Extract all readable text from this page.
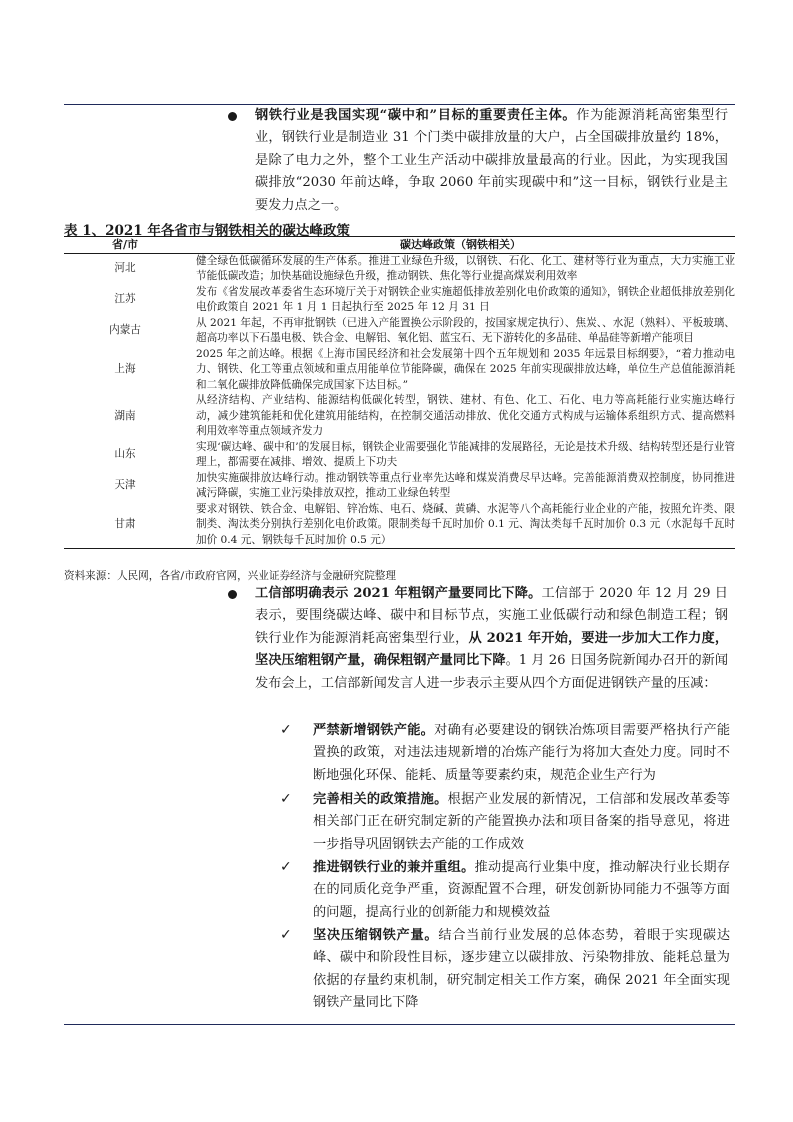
钢铁行业是我国实现“碳中和”目标的重要责任主体。作为能源消耗高密集型行业，钢铁行业是制造业 31 个门类中碳排放量的大户，占全国碳排放量约 18%，是除了电力之外，整个工业生产活动中碳排放量最高的行业。因此，为实现我国碳排放“2030 年前达峰，争取 2060 年前实现碳中和”这一目标，钢铁行业是主要发力点之一。
表 1、2021 年各省市与钢铁相关的碳达峰政策
省/市	碳达峰政策（钢铁相关）
河北	健全绿色低碳循环发展的生产体系。推进工业绿色升级，以钢铁、石化、化工、建材等行业为重点，大力实施工业节能低碳改造；加快基础设施绿色升级，推动钢铁、焦化等行业提高煤炭利用效率
江苏	发布《省发展改革委省生态环境厅关于对钢铁企业实施超低排放差别化电价政策的通知》，钢铁企业超低排放差别化电价政策自 2021 年 1 月 1 日起执行至 2025 年 12 月 31 日
内蒙古	从 2021 年起，不再审批钢铁（已进入产能置换公示阶段的，按国家规定执行）、焦炭、、水泥（熟料）、平板玻璃、超高功率以下石墨电极、铁合金、电解铝、氧化铝、蓝宝石、无下游转化的多晶硅、单晶硅等新增产能项目
上海	2025 年之前达峰。根据《上海市国民经济和社会发展第十四个五年规划和 2035 年远景目标纲要》，“着力推动电力、钢铁、化工等重点领域和重点用能单位节能降碳，确保在 2025 年前实现碳排放达峰，单位生产总值能源消耗和二氧化碳排放降低确保完成国家下达目标。”
湖南	从经济结构、产业结构、能源结构低碳化转型，钢铁、建材、有色、化工、石化、电力等高耗能行业实施达峰行动，减少建筑能耗和优化建筑用能结构，在控制交通活动排放、优化交通方式构成与运输体系组织方式、提高燃料利用效率等重点领域齐发力
山东	实现‘碳达峰、碳中和’的发展目标，钢铁企业需要强化节能减排的发展路径，无论是技术升级、结构转型还是行业管理上，都需要在减排、增效、提质上下功夫
天津	加快实施碳排放达峰行动。推动钢铁等重点行业率先达峰和煤炭消费尽早达峰。完善能源消费双控制度，协同推进减污降碳，实施工业污染排放双控，推动工业绿色转型
甘肃	要求对钢铁、铁合金、电解铝、锌冶炼、电石、烧碱、黄磷、水泥等八个高耗能行业企业的产能，按照允许类、限制类、淘汰类分别执行差别化电价政策。限制类每千瓦时加价 0.1 元、淘汰类每千瓦时加价 0.3 元（水泥每千瓦时加价 0.4 元、钢铁每千瓦时加价 0.5 元）
资料来源：人民网，各省/市政府官网，兴业证券经济与金融研究院整理
工信部明确表示 2021 年粗钢产量要同比下降。工信部于 2020 年 12 月 29 日表示，要围绕碳达峰、碳中和目标节点，实施工业低碳行动和绿色制造工程；钢铁行业作为能源消耗高密集型行业，从 2021 年开始，要进一步加大工作力度，坚决压缩粗钢产量，确保粗钢产量同比下降。1 月 26 日国务院新闻办召开的新闻发布会上，工信部新闻发言人进一步表示主要从四个方面促进钢铁产量的压减：
✓ 严禁新增钢铁产能。对确有必要建设的钢铁冶炼项目需要严格执行产能置换的政策，对违法违规新增的冶炼产能行为将加大查处力度。同时不断地强化环保、能耗、质量等要素约束，规范企业生产行为
✓ 完善相关的政策措施。根据产业发展的新情况，工信部和发展改革委等相关部门正在研究制定新的产能置换办法和项目备案的指导意见，将进一步指导巩固钢铁去产能的工作成效
✓ 推进钢铁行业的兼并重组。推动提高行业集中度，推动解决行业长期存在的同质化竞争严重，资源配置不合理，研发创新协同能力不强等方面的问题，提高行业的创新能力和规模效益
✓ 坚决压缩钢铁产量。结合当前行业发展的总体态势，着眼于实现碳达峰、碳中和阶段性目标，逐步建立以碳排放、污染物排放、能耗总量为依据的存量约束机制，研究制定相关工作方案，确保 2021 年全面实现钢铁产量同比下降
